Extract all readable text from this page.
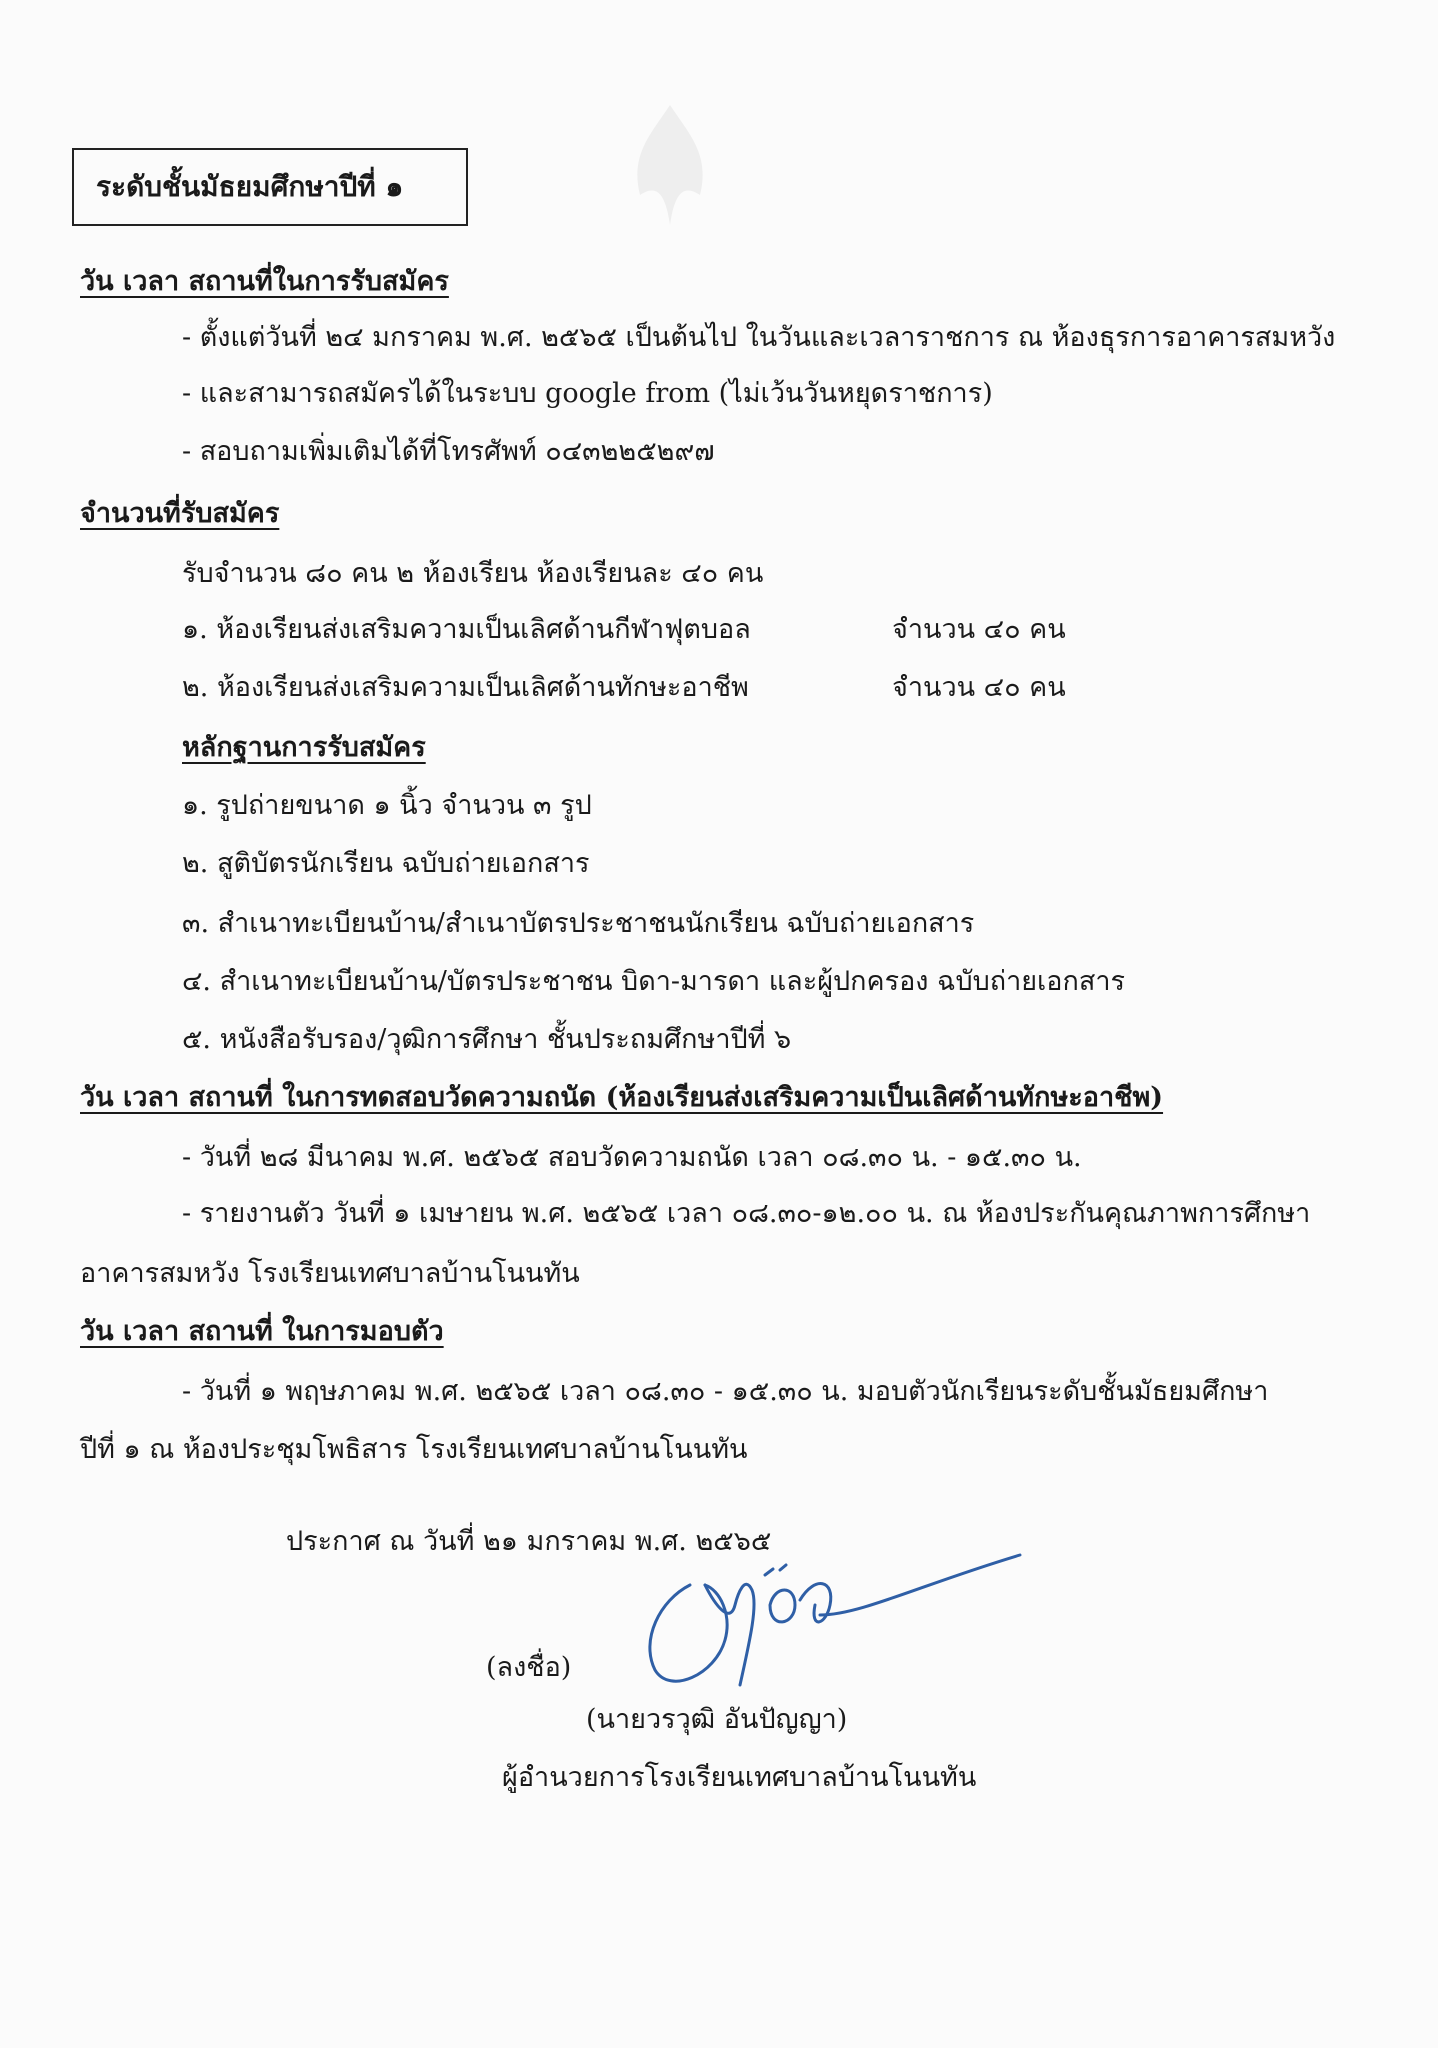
ระดับชั้นมัธยมศึกษาปีที่ ๑
วัน เวลา สถานที่ในการรับสมัคร
- ตั้งแต่วันที่ ๒๔ มกราคม พ.ศ. ๒๕๖๕ เป็นต้นไป ในวันและเวลาราชการ ณ ห้องธุรการอาคารสมหวัง
- และสามารถสมัครได้ในระบบ google from (ไม่เว้นวันหยุดราชการ)
- สอบถามเพิ่มเติมได้ที่โทรศัพท์ ๐๔๓๒๒๕๒๙๗
จำนวนที่รับสมัคร
รับจำนวน ๘๐ คน ๒ ห้องเรียน ห้องเรียนละ ๔๐ คน
๑. ห้องเรียนส่งเสริมความเป็นเลิศด้านกีฬาฟุตบอล	จำนวน ๔๐ คน
๒. ห้องเรียนส่งเสริมความเป็นเลิศด้านทักษะอาชีพ	จำนวน ๔๐ คน
หลักฐานการรับสมัคร
๑. รูปถ่ายขนาด ๑ นิ้ว จำนวน ๓ รูป
๒. สูติบัตรนักเรียน ฉบับถ่ายเอกสาร
๓. สำเนาทะเบียนบ้าน/สำเนาบัตรประชาชนนักเรียน ฉบับถ่ายเอกสาร
๔. สำเนาทะเบียนบ้าน/บัตรประชาชน บิดา-มารดา และผู้ปกครอง ฉบับถ่ายเอกสาร
๕. หนังสือรับรอง/วุฒิการศึกษา ชั้นประถมศึกษาปีที่ ๖
วัน เวลา สถานที่ ในการทดสอบวัดความถนัด (ห้องเรียนส่งเสริมความเป็นเลิศด้านทักษะอาชีพ)
- วันที่ ๒๘ มีนาคม พ.ศ. ๒๕๖๕ สอบวัดความถนัด เวลา ๐๘.๓๐ น. - ๑๕.๓๐ น.
- รายงานตัว วันที่ ๑ เมษายน พ.ศ. ๒๕๖๕ เวลา ๐๘.๓๐-๑๒.๐๐ น. ณ ห้องประกันคุณภาพการศึกษา
อาคารสมหวัง โรงเรียนเทศบาลบ้านโนนทัน
วัน เวลา สถานที่ ในการมอบตัว
- วันที่ ๑ พฤษภาคม พ.ศ. ๒๕๖๕ เวลา ๐๘.๓๐ - ๑๕.๓๐ น. มอบตัวนักเรียนระดับชั้นมัธยมศึกษา
ปีที่ ๑ ณ ห้องประชุมโพธิสาร โรงเรียนเทศบาลบ้านโนนทัน
ประกาศ ณ วันที่ ๒๑ มกราคม พ.ศ. ๒๕๖๕
(ลงชื่อ)
(นายวรวุฒิ อันปัญญา)
ผู้อำนวยการโรงเรียนเทศบาลบ้านโนนทัน
